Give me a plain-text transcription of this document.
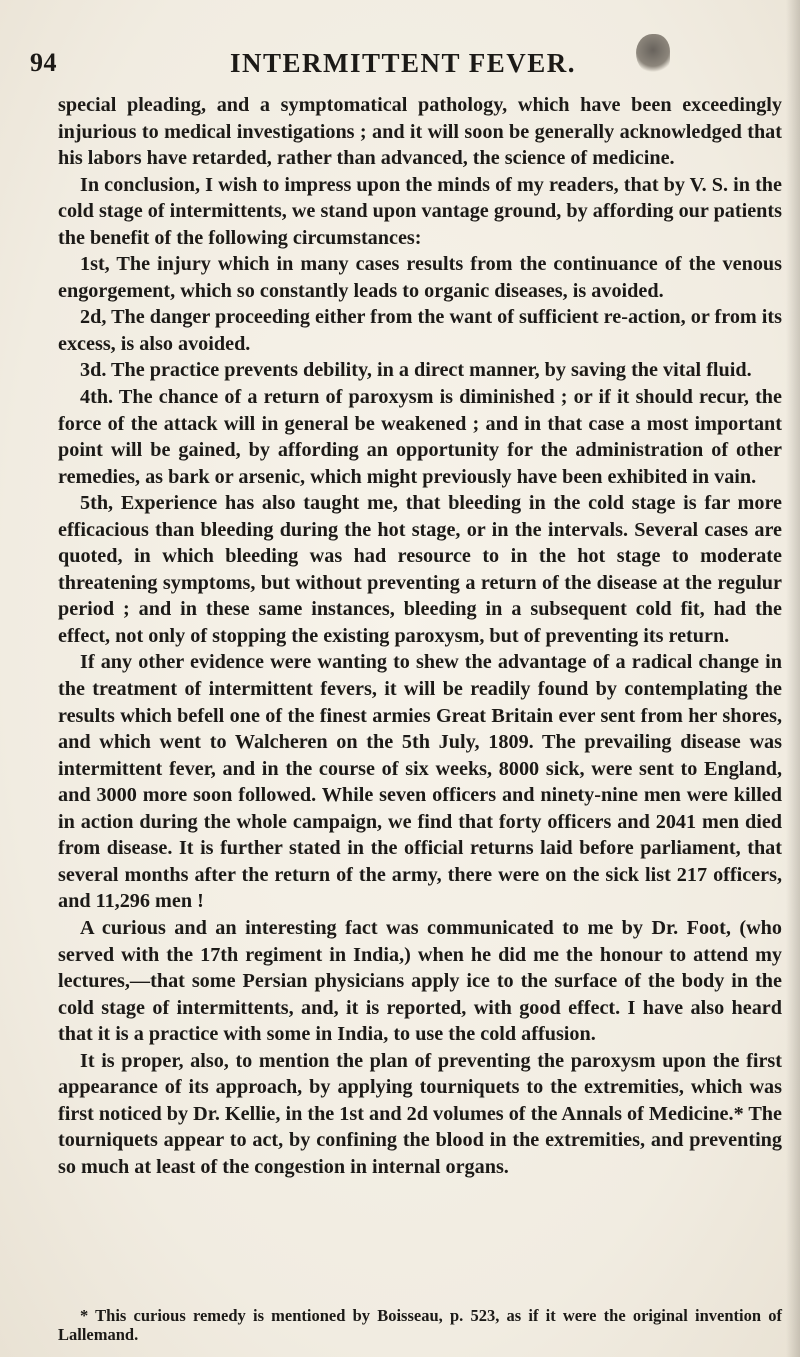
94	INTERMITTENT FEVER.

special pleading, and a symptomatical pathology, which have been exceedingly injurious to medical investigations ; and it will soon be generally acknowledged that his labors have retarded, rather than advanced, the science of medicine.

In conclusion, I wish to impress upon the minds of my readers, that by V. S. in the cold stage of intermittents, we stand upon vantage ground, by affording our patients the benefit of the following circumstances:

1st, The injury which in many cases results from the continuance of the venous engorgement, which so constantly leads to organic diseases, is avoided.

2d, The danger proceeding either from the want of sufficient re-action, or from its excess, is also avoided.

3d. The practice prevents debility, in a direct manner, by saving the vital fluid.

4th. The chance of a return of paroxysm is diminished ; or if it should recur, the force of the attack will in general be weakened ; and in that case a most important point will be gained, by affording an opportunity for the administration of other remedies, as bark or arsenic, which might previously have been exhibited in vain.

5th, Experience has also taught me, that bleeding in the cold stage is far more efficacious than bleeding during the hot stage, or in the intervals. Several cases are quoted, in which bleeding was had resource to in the hot stage to moderate threatening symptoms, but without preventing a return of the disease at the regulur period ; and in these same instances, bleeding in a subsequent cold fit, had the effect, not only of stopping the existing paroxysm, but of preventing its return.

If any other evidence were wanting to shew the advantage of a radical change in the treatment of intermittent fevers, it will be readily found by contemplating the results which befell one of the finest armies Great Britain ever sent from her shores, and which went to Walcheren on the 5th July, 1809. The prevailing disease was intermittent fever, and in the course of six weeks, 8000 sick, were sent to England, and 3000 more soon followed. While seven officers and ninety-nine men were killed in action during the whole campaign, we find that forty officers and 2041 men died from disease. It is further stated in the official returns laid before parliament, that several months after the return of the army, there were on the sick list 217 officers, and 11,296 men !

A curious and an interesting fact was communicated to me by Dr. Foot, (who served with the 17th regiment in India,) when he did me the honour to attend my lectures,—that some Persian physicians apply ice to the surface of the body in the cold stage of intermittents, and, it is reported, with good effect. I have also heard that it is a practice with some in India, to use the cold affusion.

It is proper, also, to mention the plan of preventing the paroxysm upon the first appearance of its approach, by applying tourniquets to the extremities, which was first noticed by Dr. Kellie, in the 1st and 2d volumes of the Annals of Medicine.* The tourniquets appear to act, by confining the blood in the extremities, and preventing so much at least of the congestion in internal organs.

* This curious remedy is mentioned by Boisseau, p. 523, as if it were the original invention of Lallemand.
